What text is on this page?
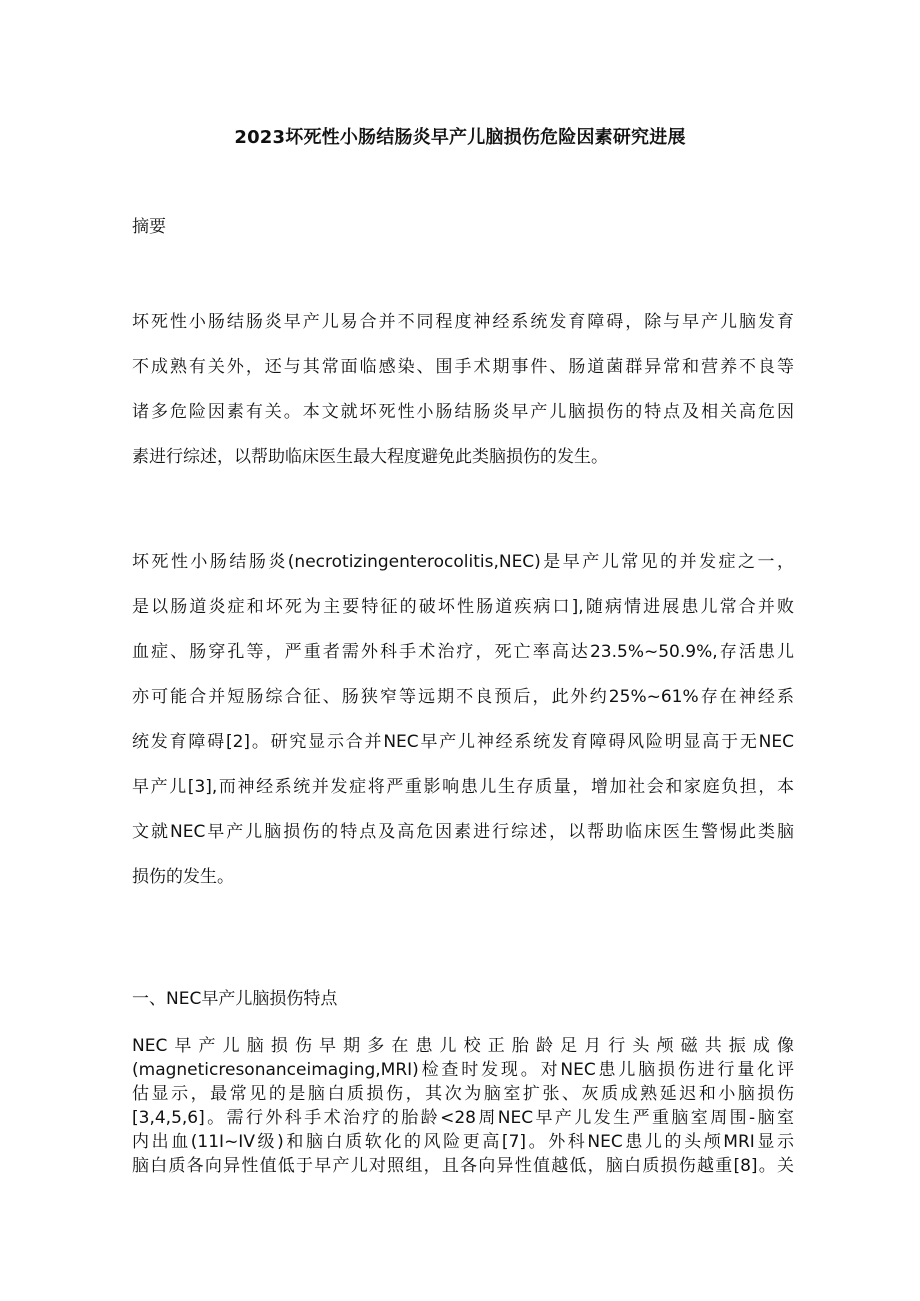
2023坏死性小肠结肠炎早产儿脑损伤危险因素研究进展
摘要
坏死性小肠结肠炎早产儿易合并不同程度神经系统发育障碍，除与早产儿脑发育
不成熟有关外，还与其常面临感染、围手术期事件、肠道菌群异常和营养不良等
诸多危险因素有关。本文就坏死性小肠结肠炎早产儿脑损伤的特点及相关高危因
素进行综述，以帮助临床医生最大程度避免此类脑损伤的发生。
坏死性小肠结肠炎(necrotizingenterocolitis,NEC)是早产儿常见的并发症之一，
是以肠道炎症和坏死为主要特征的破坏性肠道疾病口],随病情进展患儿常合并败
血症、肠穿孔等，严重者需外科手术治疗，死亡率高达23.5%~50.9%,存活患儿
亦可能合并短肠综合征、肠狭窄等远期不良预后，此外约25%~61%存在神经系
统发育障碍[2]。研究显示合并NEC早产儿神经系统发育障碍风险明显高于无NEC
早产儿[3],而神经系统并发症将严重影响患儿生存质量，增加社会和家庭负担，本
文就NEC早产儿脑损伤的特点及高危因素进行综述，以帮助临床医生警惕此类脑
损伤的发生。
一、NEC早产儿脑损伤特点
NEC早产儿脑损伤早期多在患儿校正胎龄足月行头颅磁共振成像
(magneticresonanceimaging,MRI)检查时发现。对NEC患儿脑损伤进行量化评
估显示，最常见的是脑白质损伤，其次为脑室扩张、灰质成熟延迟和小脑损伤
[3,4,5,6]。需行外科手术治疗的胎龄<28周NEC早产儿发生严重脑室周围-脑室
内出血(11I~IV级)和脑白质软化的风险更高[7]。外科NEC患儿的头颅MRI显示
脑白质各向异性值低于早产儿对照组，且各向异性值越低，脑白质损伤越重[8]。关
